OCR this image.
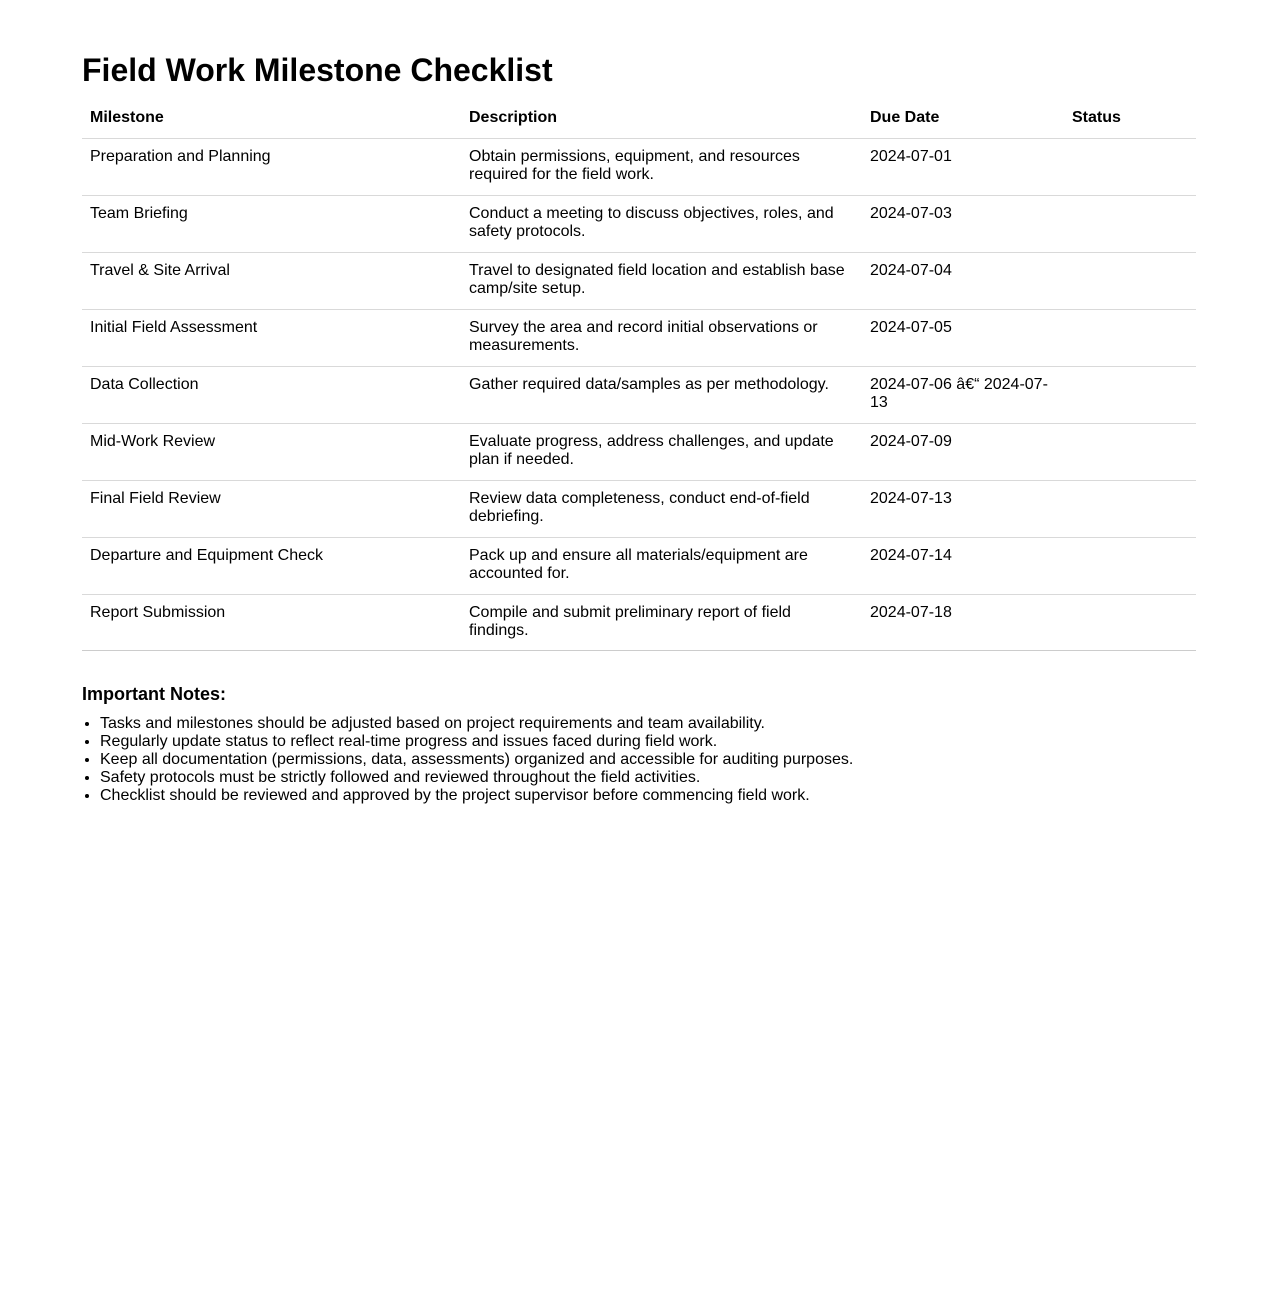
Field Work Milestone Checklist
Milestone	Description	Due Date	Status
Preparation and Planning	Obtain permissions, equipment, and resources required for the field work.	2024-07-01	
Team Briefing	Conduct a meeting to discuss objectives, roles, and safety protocols.	2024-07-03	
Travel & Site Arrival	Travel to designated field location and establish base camp/site setup.	2024-07-04	
Initial Field Assessment	Survey the area and record initial observations or measurements.	2024-07-05	
Data Collection	Gather required data/samples as per methodology.	2024-07-06 â€“ 2024-07-13	
Mid-Work Review	Evaluate progress, address challenges, and update plan if needed.	2024-07-09	
Final Field Review	Review data completeness, conduct end-of-field debriefing.	2024-07-13	
Departure and Equipment Check	Pack up and ensure all materials/equipment are accounted for.	2024-07-14	
Report Submission	Compile and submit preliminary report of field findings.	2024-07-18	
Important Notes:
• Tasks and milestones should be adjusted based on project requirements and team availability.
• Regularly update status to reflect real-time progress and issues faced during field work.
• Keep all documentation (permissions, data, assessments) organized and accessible for auditing purposes.
• Safety protocols must be strictly followed and reviewed throughout the field activities.
• Checklist should be reviewed and approved by the project supervisor before commencing field work.
